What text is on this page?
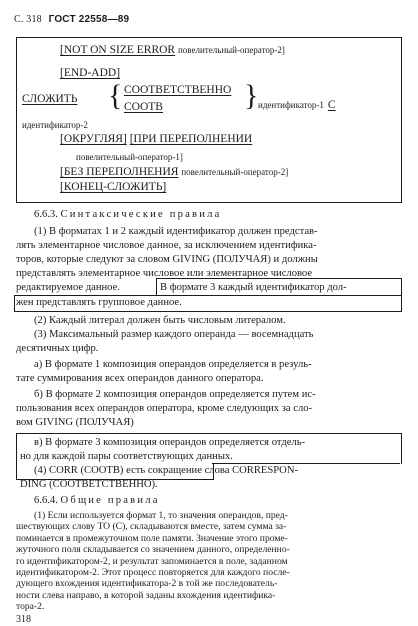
С. 318 ГОСТ 22558—89
[NOT ON SIZE ERROR повелительный-оператор-2]
[END-ADD]
СЛОЖИТЬ { СООТВЕТСТВЕННО
СООТВ	} идентификатор-1 С
идентификатор-2
[ОКРУГЛЯЯ] [ПРИ ПЕРЕПОЛНЕНИИ
повелительный-оператор-1]
[БЕЗ ПЕРЕПОЛНЕНИЯ повелительный-оператор-2]
[КОНЕЦ-СЛОЖИТЬ]
6.6.3. Синтаксические правила
(1) В форматах 1 и 2 каждый идентификатор должен представ-
лять элементарное числовое данное, за исключением идентифика-
торов, которые следуют за словом GIVING (ПОЛУЧАЯ) и должны
представлять элементарное числовое или элементарное числовое
редактируемое данное.	В формате 3 каждый идентификатор дол-
жен представлять групповое данное.
(2) Каждый литерал должен быть числовым литералом.
(3) Максимальный размер каждого операнда — восемнадцать
десятичных цифр.
а) В формате 1 композиция операндов определяется в резуль-
тате суммирования всех операндов данного оператора.
б) В формате 2 композиция операндов определяется путем ис-
пользования всех операндов оператора, кроме следующих за сло-
вом GIVING (ПОЛУЧАЯ)
в) В формате 3 композиция операндов определяется отдель-
но для каждой пары соответствующих данных.
(4) CORR (СООТВ) есть сокращение слова CORRESPON-
DING (СООТВЕТСТВЕННО).
6.6.4. Общие правила
(1) Если используется формат 1, то значения операндов, пред-
шествующих слову TO (С), складываются вместе, затем сумма за-
поминается в промежуточном поле памяти. Значение этого проме-
жуточного поля складывается со значением данного, определенно-
го идентификатором-2, и результат запоминается в поле, заданном
идентификатором-2. Этот процесс повторяется для каждого после-
дующего вхождения идентификатора-2 в той же последователь-
ности слева направо, в которой заданы вхождения идентифика-
тора-2.
318
